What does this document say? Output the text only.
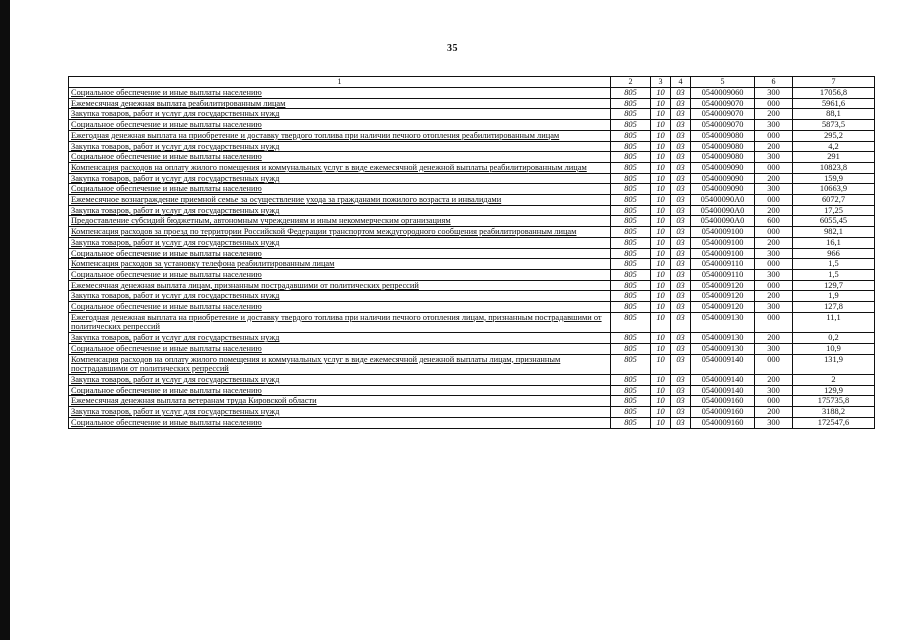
35
1	2	3	4	5	6	7
Социальное обеспечение и иные выплаты населению	805	10	03	0540009060	300	17056,8
Ежемесячная денежная выплата реабилитированным лицам	805	10	03	0540009070	000	5961,6
Закупка товаров, работ и услуг для государственных нужд	805	10	03	0540009070	200	88,1
Социальное обеспечение и иные выплаты населению	805	10	03	0540009070	300	5873,5
Ежегодная денежная выплата на приобретение и доставку твердого топлива при наличии печного отопления реабилитированным лицам	805	10	03	0540009080	000	295,2
Закупка товаров, работ и услуг для государственных нужд	805	10	03	0540009080	200	4,2
Социальное обеспечение и иные выплаты населению	805	10	03	0540009080	300	291
Компенсация расходов на оплату жилого помещения и коммунальных услуг в виде ежемесячной денежной выплаты реабилитированным лицам	805	10	03	0540009090	000	10823,8
Закупка товаров, работ и услуг для государственных нужд	805	10	03	0540009090	200	159,9
Социальное обеспечение и иные выплаты населению	805	10	03	0540009090	300	10663,9
Ежемесячное вознаграждение приемной семье за осуществление ухода за гражданами пожилого возраста и инвалидами	805	10	03	05400090А0	000	6072,7
Закупка товаров, работ и услуг для государственных нужд	805	10	03	05400090А0	200	17,25
Предоставление субсидий бюджетным, автономным учреждениям и иным некоммерческим организациям	805	10	03	05400090А0	600	6055,45
Компенсация расходов за проезд по территории Российской Федерации транспортом междугородного сообщения реабилитированным лицам	805	10	03	0540009100	000	982,1
Закупка товаров, работ и услуг для государственных нужд	805	10	03	0540009100	200	16,1
Социальное обеспечение и иные выплаты населению	805	10	03	0540009100	300	966
Компенсация расходов за установку телефона реабилитированным лицам	805	10	03	0540009110	000	1,5
Социальное обеспечение и иные выплаты населению	805	10	03	0540009110	300	1,5
Ежемесячная денежная выплата лицам, признанным пострадавшими от политических репрессий	805	10	03	0540009120	000	129,7
Закупка товаров, работ и услуг для государственных нужд	805	10	03	0540009120	200	1,9
Социальное обеспечение и иные выплаты населению	805	10	03	0540009120	300	127,8
Ежегодная денежная выплата на приобретение и доставку твердого топлива при наличии печного отопления лицам, признанным пострадавшими от политических репрессий	805	10	03	0540009130	000	11,1
Закупка товаров, работ и услуг для государственных нужд	805	10	03	0540009130	200	0,2
Социальное обеспечение и иные выплаты населению	805	10	03	0540009130	300	10,9
Компенсация расходов на оплату жилого помещения и коммунальных услуг в виде ежемесячной денежной выплаты лицам, признанным пострадавшими от политических репрессий	805	10	03	0540009140	000	131,9
Закупка товаров, работ и услуг для государственных нужд	805	10	03	0540009140	200	2
Социальное обеспечение и иные выплаты населению	805	10	03	0540009140	300	129,9
Ежемесячная денежная выплата ветеранам труда Кировской области	805	10	03	0540009160	000	175735,8
Закупка товаров, работ и услуг для государственных нужд	805	10	03	0540009160	200	3188,2
Социальное обеспечение и иные выплаты населению	805	10	03	0540009160	300	172547,6
